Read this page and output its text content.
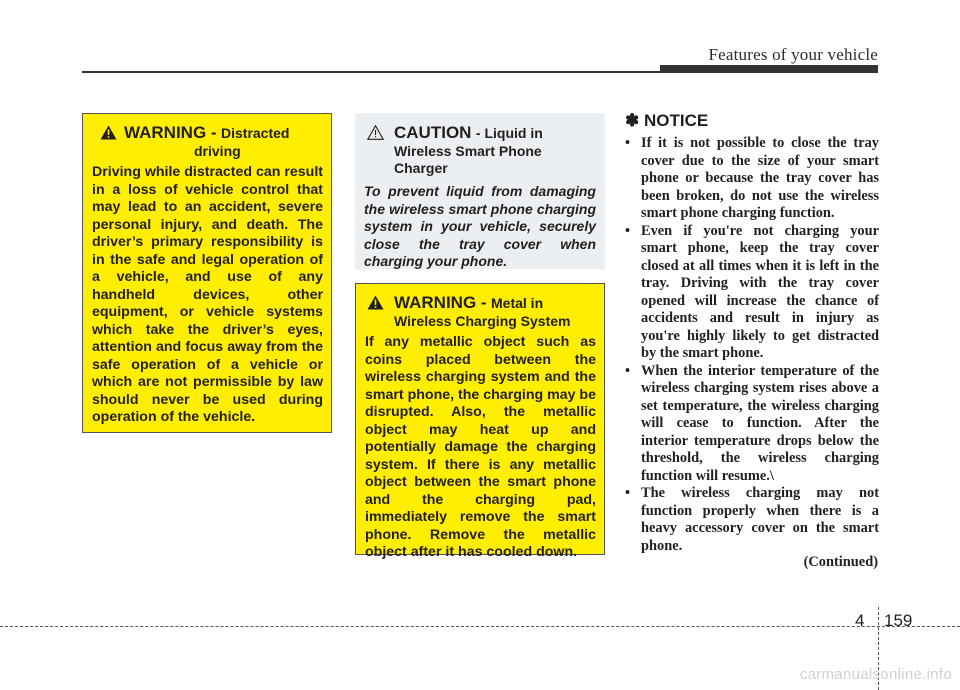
Features of your vehicle
WARNING - Distracted
driving
Driving while distracted can result in a loss of vehicle control that may lead to an accident, severe personal injury, and death. The driver’s primary responsibility is in the safe and legal operation of a vehicle, and use of any handheld devices, other equipment, or vehicle systems which take the driver’s eyes, attention and focus away from the safe operation of a vehicle or which are not permissible by law should never be used during operation of the vehicle.
CAUTION - Liquid in
Wireless Smart Phone
Charger
To prevent liquid from damaging the wireless smart phone charging system in your vehicle, securely close the tray cover when charging your phone.
WARNING - Metal in
Wireless Charging System
If any metallic object such as coins placed between the wireless charging system and the smart phone, the charging may be disrupted. Also, the metallic object may heat up and potentially damage the charging system. If there is any metallic object between the smart phone and the charging pad, immediately remove the smart phone. Remove the metallic object after it has cooled down.
✽ NOTICE
• If it is not possible to close the tray cover due to the size of your smart phone or because the tray cover has been broken, do not use the wireless smart phone charging function.
• Even if you're not charging your smart phone, keep the tray cover closed at all times when it is left in the tray. Driving with the tray cover opened will increase the chance of accidents and result in injury as you're highly likely to get distracted by the smart phone.
• When the interior temperature of the wireless charging system rises above a set temperature, the wireless charging will cease to function. After the interior temperature drops below the threshold, the wireless charging function will resume.\
• The wireless charging may not function properly when there is a heavy accessory cover on the smart phone.
(Continued)
4 159
carmanualsonline.info
